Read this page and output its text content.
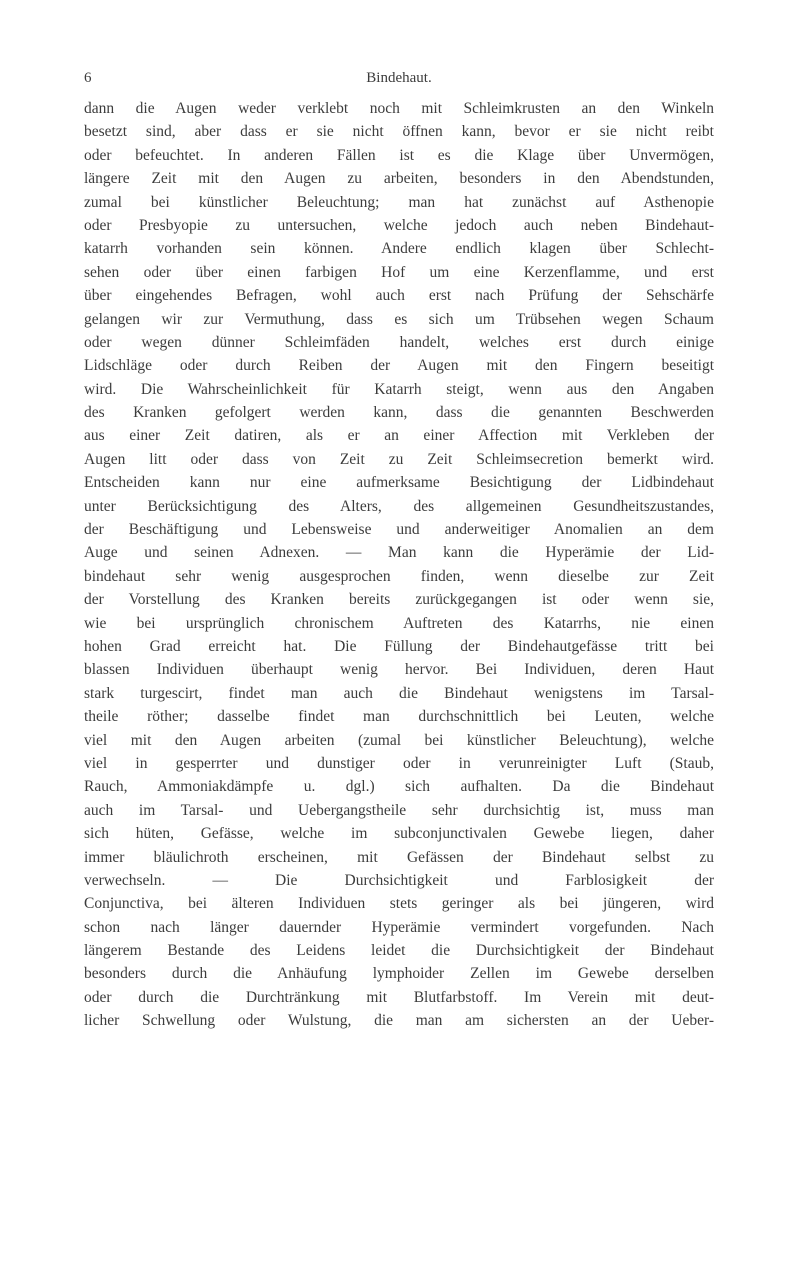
6	Bindehaut.
dann die Augen weder verklebt noch mit Schleimkrusten an den Winkeln
besetzt sind, aber dass er sie nicht öffnen kann, bevor er sie nicht reibt
oder befeuchtet. In anderen Fällen ist es die Klage über Unvermögen,
längere Zeit mit den Augen zu arbeiten, besonders in den Abendstunden,
zumal bei künstlicher Beleuchtung; man hat zunächst auf Asthenopie
oder Presbyopie zu untersuchen, welche jedoch auch neben Bindehaut-
katarrh vorhanden sein können. Andere endlich klagen über Schlecht-
sehen oder über einen farbigen Hof um eine Kerzenflamme, und erst
über eingehendes Befragen, wohl auch erst nach Prüfung der Sehschärfe
gelangen wir zur Vermuthung, dass es sich um Trübsehen wegen Schaum
oder wegen dünner Schleimfäden handelt, welches erst durch einige
Lidschläge oder durch Reiben der Augen mit den Fingern beseitigt
wird. Die Wahrscheinlichkeit für Katarrh steigt, wenn aus den Angaben
des Kranken gefolgert werden kann, dass die genannten Beschwerden
aus einer Zeit datiren, als er an einer Affection mit Verkleben der
Augen litt oder dass von Zeit zu Zeit Schleimsecretion bemerkt wird.
Entscheiden kann nur eine aufmerksame Besichtigung der Lidbindehaut
unter Berücksichtigung des Alters, des allgemeinen Gesundheitszustandes,
der Beschäftigung und Lebensweise und anderweitiger Anomalien an dem
Auge und seinen Adnexen. — Man kann die Hyperämie der Lid-
bindehaut sehr wenig ausgesprochen finden, wenn dieselbe zur Zeit
der Vorstellung des Kranken bereits zurückgegangen ist oder wenn sie,
wie bei ursprünglich chronischem Auftreten des Katarrhs, nie einen
hohen Grad erreicht hat. Die Füllung der Bindehautgefässe tritt bei
blassen Individuen überhaupt wenig hervor. Bei Individuen, deren Haut
stark turgescirt, findet man auch die Bindehaut wenigstens im Tarsal-
theile röther; dasselbe findet man durchschnittlich bei Leuten, welche
viel mit den Augen arbeiten (zumal bei künstlicher Beleuchtung), welche
viel in gesperrter und dunstiger oder in verunreinigter Luft (Staub,
Rauch, Ammoniakdämpfe u. dgl.) sich aufhalten. Da die Bindehaut
auch im Tarsal- und Uebergangstheile sehr durchsichtig ist, muss man
sich hüten, Gefässe, welche im subconjunctivalen Gewebe liegen, daher
immer bläulichroth erscheinen, mit Gefässen der Bindehaut selbst zu
verwechseln. — Die Durchsichtigkeit und Farblosigkeit der
Conjunctiva, bei älteren Individuen stets geringer als bei jüngeren, wird
schon nach länger dauernder Hyperämie vermindert vorgefunden. Nach
längerem Bestande des Leidens leidet die Durchsichtigkeit der Bindehaut
besonders durch die Anhäufung lymphoider Zellen im Gewebe derselben
oder durch die Durchtränkung mit Blutfarbstoff. Im Verein mit deut-
licher Schwellung oder Wulstung, die man am sichersten an der Ueber-
